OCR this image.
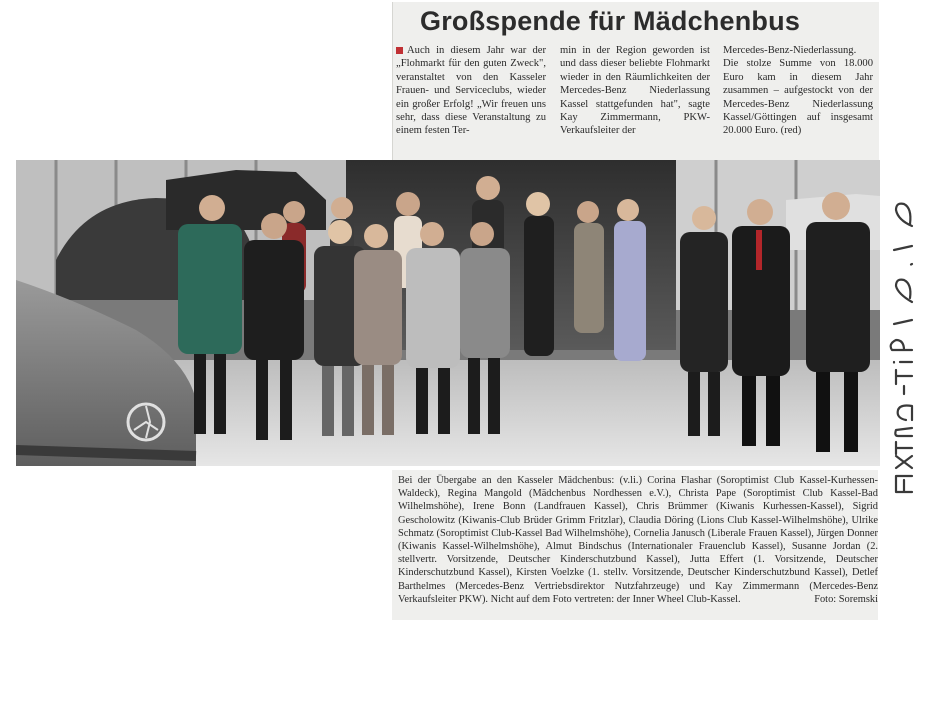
Großspende für Mädchenbus
Auch in diesem Jahr war der „Flohmarkt für den guten Zweck", veranstaltet von den Kasseler Frauen- und Serviceclubs, wieder ein großer Erfolg! „Wir freuen uns sehr, dass diese Veranstaltung zu einem festen Ter-
min in der Region geworden ist und dass dieser beliebte Flohmarkt wieder in den Räumlichkeiten der Mercedes-Benz Niederlassung Kassel stattgefunden hat", sagte Kay Zimmermann, PKW-Verkaufsleiter der
Mercedes-Benz-Niederlassung. Die stolze Summe von 18.000 Euro kam in diesem Jahr zusammen – aufgestockt von der Mercedes-Benz Niederlassung Kassel/Göttingen auf insgesamt 20.000 Euro. (red)
Bei der Übergabe an den Kasseler Mädchenbus: (v.li.) Corina Flashar (Soroptimist Club Kassel-Kurhessen-Waldeck), Regina Mangold (Mädchenbus Nordhessen e.V.), Christa Pape (Soroptimist Club Kassel-Bad Wilhelmshöhe), Irene Bonn (Landfrauen Kassel), Chris Brümmer (Kiwanis Kurhessen-Kassel), Sigrid Gescholowitz (Kiwanis-Club Brüder Grimm Fritzlar), Claudia Döring (Lions Club Kassel-Wilhelmshöhe), Ulrike Schmatz (Soroptimist Club-Kassel Bad Wilhelmshöhe), Cornelia Janusch (Liberale Frauen Kassel), Jürgen Donner (Kiwanis Kassel-Wilhelmshöhe), Almut Bindschus (Internationaler Frauenclub Kassel), Susanne Jordan (2. stellvertr. Vorsitzende, Deutscher Kinderschutzbund Kassel), Jutta Effert (1. Vorsitzende, Deutscher Kinderschutzbund Kassel), Kirsten Voelzke (1. stellv. Vorsitzende, Deutscher Kinderschutzbund Kassel), Detlef Barthelmes (Mercedes-Benz Vertriebsdirektor Nutzfahrzeuge) und Kay Zimmermann (Mercedes-Benz Verkaufsleiter PKW). Nicht auf dem Foto vertreten: der Inner Wheel Club-Kassel.	Foto: Soremski
